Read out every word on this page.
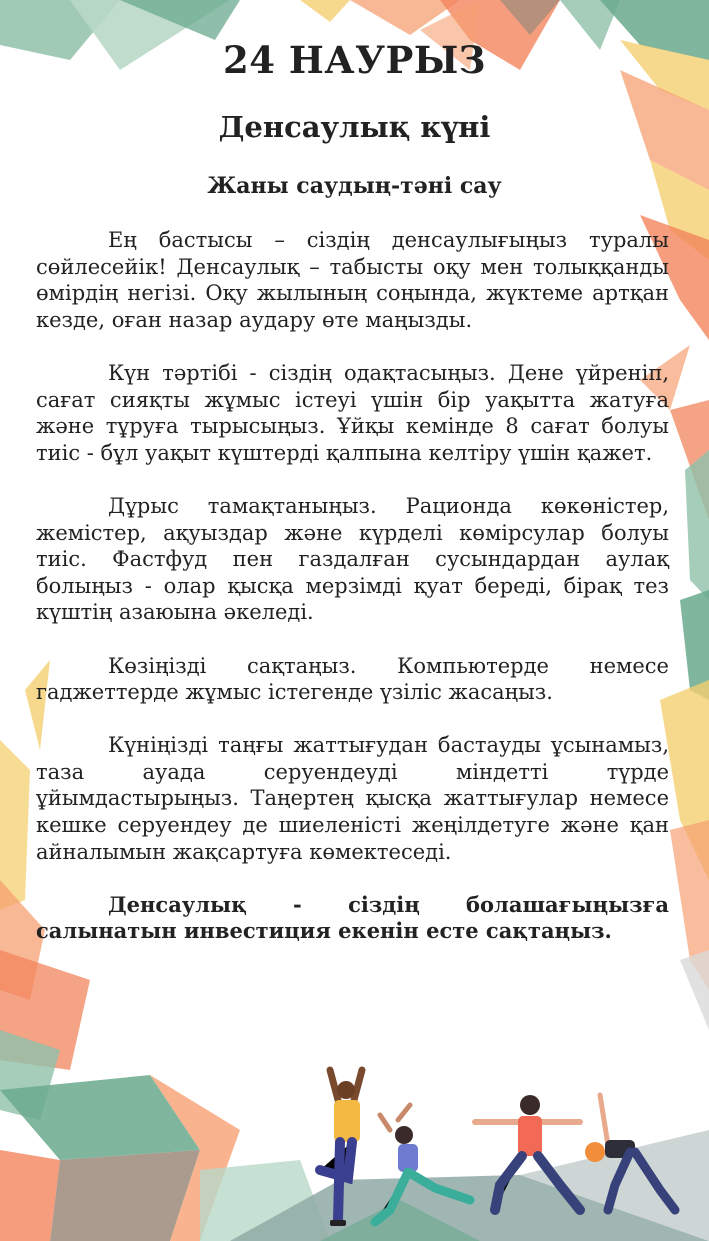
24 НАУРЫЗ
Денсаулық күні
Жаны саудың-тәні сау

Ең бастысы – сіздің денсаулығыңыз туралы сөйлесейік! Денсаулық – табысты оқу мен толыққанды өмірдің негізі. Оқу жылының соңында, жүктеме артқан кезде, оған назар аудару өте маңызды.

Күн тәртібі - сіздің одақтасыңыз. Дене үйреніп, сағат сияқты жұмыс істеуі үшін бір уақытта жатуға және тұруға тырысыңыз. Ұйқы кемінде 8 сағат болуы тиіс - бұл уақыт күштерді қалпына келтіру үшін қажет.

Дұрыс тамақтаныңыз. Рационда көкөністер, жемістер, ақуыздар және күрделі көмірсулар болуы тиіс. Фастфуд пен газдалған сусындардан аулақ болыңыз - олар қысқа мерзімді қуат береді, бірақ тез күштің азаюына әкеледі.

Көзіңізді сақтаңыз. Компьютерде немесе гаджеттерде жұмыс істегенде үзіліс жасаңыз.

Күніңізді таңғы жаттығудан бастауды ұсынамыз, таза ауада серуендеуді міндетті түрде ұйымдастырыңыз. Таңертең қысқа жаттығулар немесе кешке серуендеу де шиеленісті жеңілдетуге және қан айналымын жақсартуға көмектеседі.

Денсаулық - сіздің болашағыңызға салынатын инвестиция екенін есте сақтаңыз.
